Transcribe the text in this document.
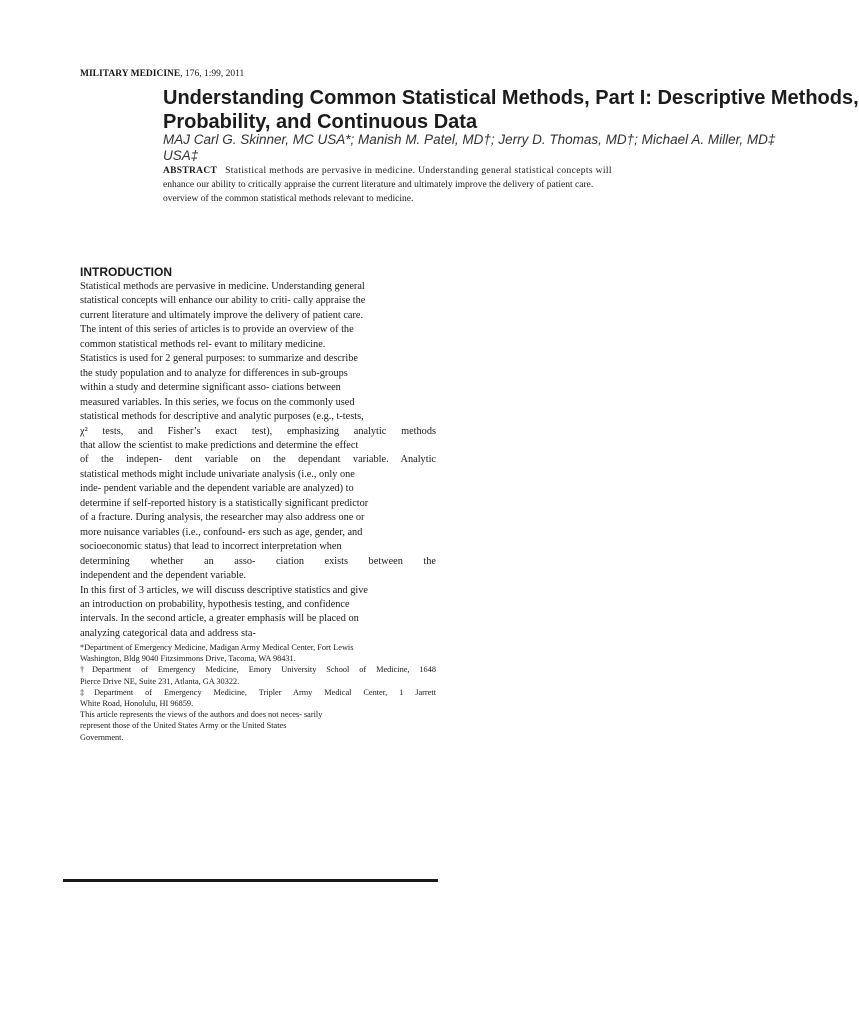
MILITARY MEDICINE, 176, 1:99, 2011
Understanding Common Statistical Methods, Part I: Descriptive Methods,
Probability, and Continuous Data
MAJ Carl G. Skinner, MC USA*; Manish M. Patel, MD†; Jerry D. Thomas, MD†; Michael A. Miller, MD‡
USA‡
ABSTRACT Statistical methods are pervasive in medicine. Understanding general statistical concepts will
enhance our ability to critically appraise the current literature and ultimately improve the delivery of patient care.
overview of the common statistical methods relevant to medicine.
INTRODUCTION
Statistical methods are pervasive in medicine. Understanding general
statistical concepts will enhance our ability to criti- cally appraise the
current literature and ultimately improve the delivery of patient care.
The intent of this series of articles is to provide an overview of the
common statistical methods rel- evant to military medicine.
Statistics is used for 2 general purposes: to summarize and describe
the study population and to analyze for differences in sub-groups
within a study and determine significant asso- ciations between
measured variables. In this series, we focus on the commonly used
statistical methods for descriptive and analytic purposes (e.g., t-tests,
χ² tests, and Fisher’s exact test), emphasizing analytic methods
that allow the scientist to make predictions and determine the effect
of the indepen- dent variable on the dependant variable. Analytic
statistical methods might include univariate analysis (i.e., only one
inde- pendent variable and the dependent variable are analyzed) to
determine if self-reported history is a statistically significant predictor
of a fracture. During analysis, the researcher may also address one or
more nuisance variables (i.e., confound- ers such as age, gender, and
socioeconomic status) that lead to incorrect interpretation when
determining whether an asso- ciation exists between the
independent and the dependent variable.
In this first of 3 articles, we will discuss descriptive statistics and give
an introduction on probability, hypothesis testing, and confidence
intervals. In the second article, a greater emphasis will be placed on
analyzing categorical data and address sta-
*Department of Emergency Medicine, Madigan Army Medical Center, Fort Lewis
Washington, Bldg 9040 Fitzsimmons Drive, Tacoma, WA 98431.
†Department of Emergency Medicine, Emory University School of Medicine, 1648
Pierce Drive NE, Suite 231, Atlanta, GA 30322.
‡Department of Emergency Medicine, Tripler Army Medical Center, 1 Jarrett
White Road, Honolulu, HI 96859.
This article represents the views of the authors and does not neces- sarily
represent those of the United States Army or the United States
Government.
